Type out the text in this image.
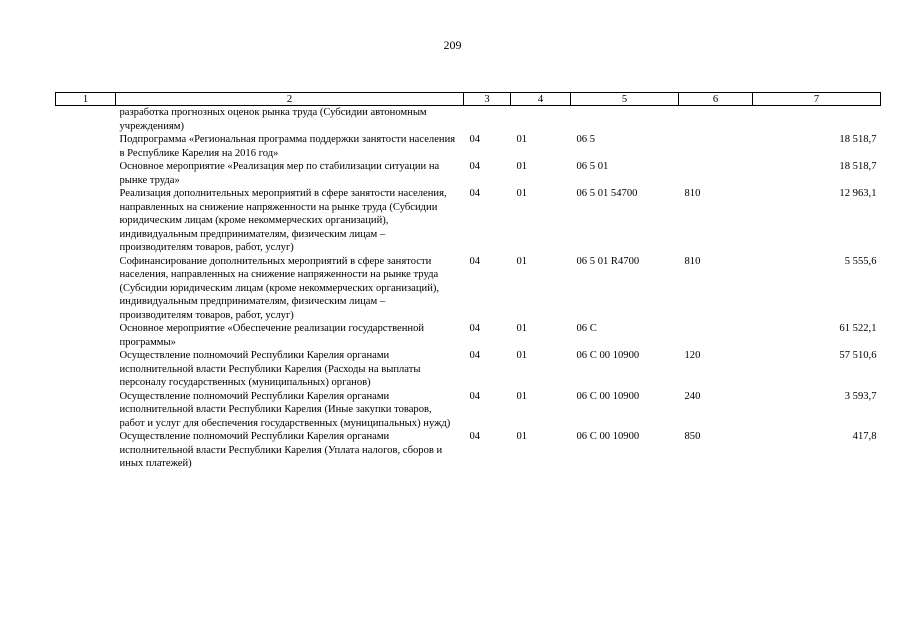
209
1	2	3	4	5	6	7
	разработка прогнозных оценок рынка труда (Субсидии автономным учреждениям)					
	Подпрограмма «Региональная программа поддержки занятости населения в Республике Карелия на 2016 год»	04	01	06 5		18 518,7
	Основное мероприятие «Реализация мер по стабилизации ситуации на рынке труда»	04	01	06 5 01		18 518,7
	Реализация дополнительных мероприятий в сфере занятости населения, направленных на снижение напряженности на рынке труда (Субсидии юридическим лицам (кроме некоммерческих организаций), индивидуальным предпринимателям, физическим лицам – производителям товаров, работ, услуг)	04	01	06 5 01 54700	810	12 963,1
	Софинансирование дополнительных мероприятий в сфере занятости населения, направленных на снижение напряженности на рынке труда (Субсидии юридическим лицам (кроме некоммерческих организаций), индивидуальным предпринимателям, физическим лицам – производителям товаров, работ, услуг)	04	01	06 5 01 R4700	810	5 555,6
	Основное мероприятие «Обеспечение реализации государственной программы»	04	01	06 С		61 522,1
	Осуществление полномочий Республики Карелия органами исполнительной власти Республики Карелия (Расходы на выплаты персоналу государственных (муниципальных) органов)	04	01	06 С 00 10900	120	57 510,6
	Осуществление полномочий Республики Карелия органами исполнительной власти Республики Карелия (Иные закупки товаров, работ и услуг для обеспечения государственных (муниципальных) нужд)	04	01	06 С 00 10900	240	3 593,7
	Осуществление полномочий Республики Карелия органами исполнительной власти Республики Карелия (Уплата налогов, сборов и иных платежей)	04	01	06 С 00 10900	850	417,8
